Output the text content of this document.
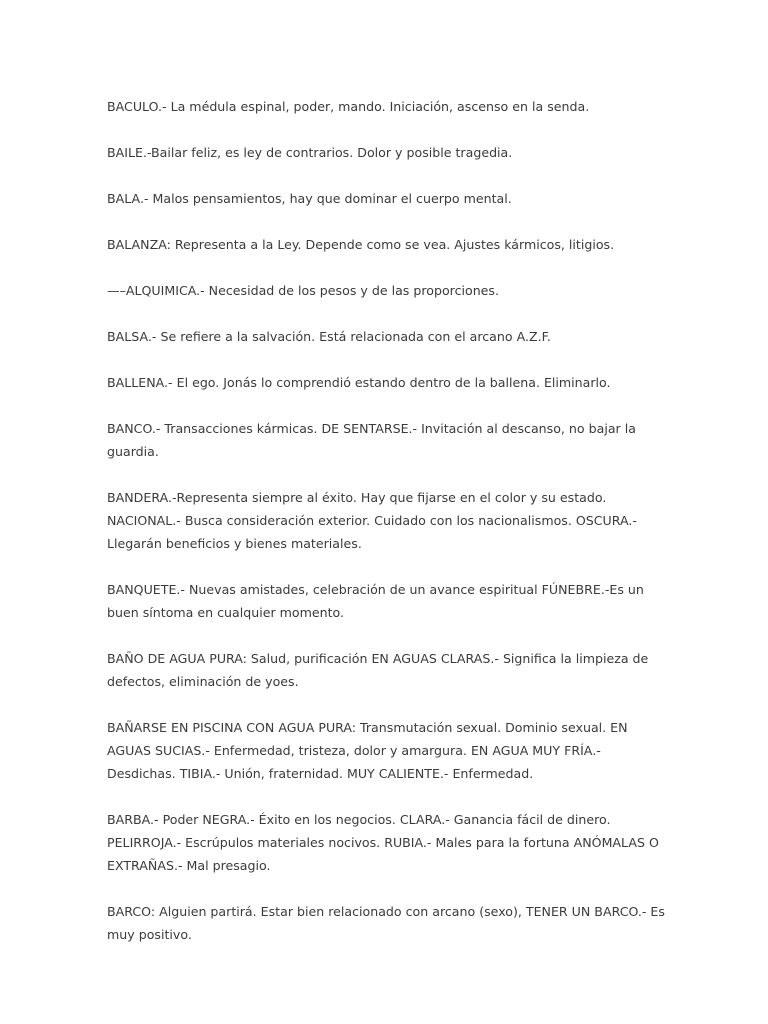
BACULO.- La médula espinal, poder, mando. Iniciación, ascenso en la senda.

BAILE.-Bailar feliz, es ley de contrarios. Dolor y posible tragedia.

BALA.- Malos pensamientos, hay que dominar el cuerpo mental.

BALANZA: Representa a la Ley. Depende como se vea. Ajustes kármicos, litigios.

—–ALQUIMICA.- Necesidad de los pesos y de las proporciones.

BALSA.- Se refiere a la salvación. Está relacionada con el arcano A.Z.F.

BALLENA.- El ego. Jonás lo comprendió estando dentro de la ballena. Eliminarlo.

BANCO.- Transacciones kármicas. DE SENTARSE.- Invitación al descanso, no bajar la guardia.

BANDERA.-Representa siempre al éxito. Hay que fijarse en el color y su estado. NACIONAL.- Busca consideración exterior. Cuidado con los nacionalismos. OSCURA.- Llegarán beneficios y bienes materiales.

BANQUETE.- Nuevas amistades, celebración de un avance espiritual FÚNEBRE.-Es un buen síntoma en cualquier momento.

BAÑO DE AGUA PURA: Salud, purificación EN AGUAS CLARAS.- Significa la limpieza de defectos, eliminación de yoes.

BAÑARSE EN PISCINA CON AGUA PURA: Transmutación sexual. Dominio sexual. EN AGUAS SUCIAS.- Enfermedad, tristeza, dolor y amargura. EN AGUA MUY FRÍA.- Desdichas. TIBIA.- Unión, fraternidad. MUY CALIENTE.- Enfermedad.

BARBA.- Poder NEGRA.- Éxito en los negocios. CLARA.- Ganancia fácil de dinero. PELIRROJA.- Escrúpulos materiales nocivos. RUBIA.- Males para la fortuna ANÓMALAS O EXTRAÑAS.- Mal presagio.

BARCO: Alguien partirá. Estar bien relacionado con arcano (sexo), TENER UN BARCO.- Es muy positivo.
